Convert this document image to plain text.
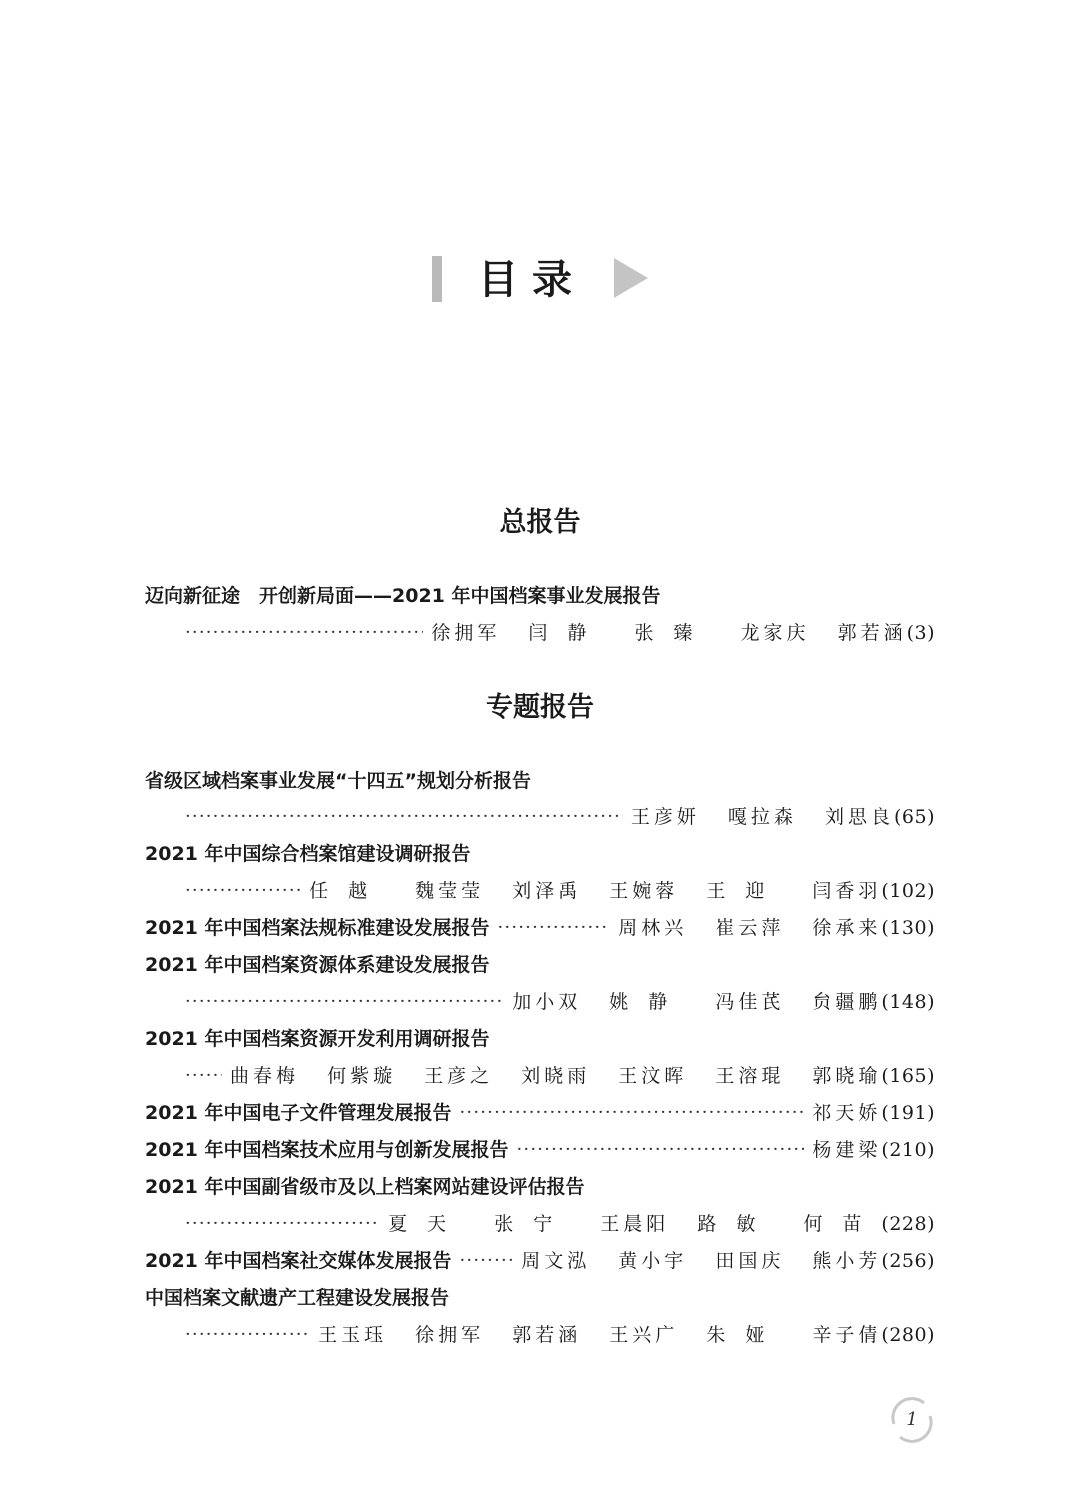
目录
总报告
迈向新征途　开创新局面——2021 年中国档案事业发展报告
·····
徐拥军 闫静 张臻 龙家庆 郭若涵 (3)
专题报告
省级区域档案事业发展“十四五”规划分析报告
·····
王彦妍 嘎拉森 刘思良 (65)
2021 年中国综合档案馆建设调研报告
·····
任越 魏莹莹 刘泽禹 王婉蓉 王迎 闫香羽 (102)
2021 年中国档案法规标准建设发展报告 ·····	周林兴 崔云萍 徐承来 (130)
2021 年中国档案资源体系建设发展报告
·····
加小双 姚静 冯佳芪 贠疆鹏 (148)
2021 年中国档案资源开发利用调研报告
·····
曲春梅 何紫璇 王彦之 刘晓雨 王汶晖 王溶琨 郭晓瑜 (165)
2021 年中国电子文件管理发展报告 ·····	祁天娇 (191)
2021 年中国档案技术应用与创新发展报告 ·····	杨建梁 (210)
2021 年中国副省级市及以上档案网站建设评估报告
·····
夏天 张宁 王晨阳 路敏 何苗 (228)
2021 年中国档案社交媒体发展报告 ·····	周文泓 黄小宇 田国庆 熊小芳 (256)
中国档案文献遗产工程建设发展报告
·····
王玉珏 徐拥军 郭若涵 王兴广 朱娅 辛子倩 (280)
1
